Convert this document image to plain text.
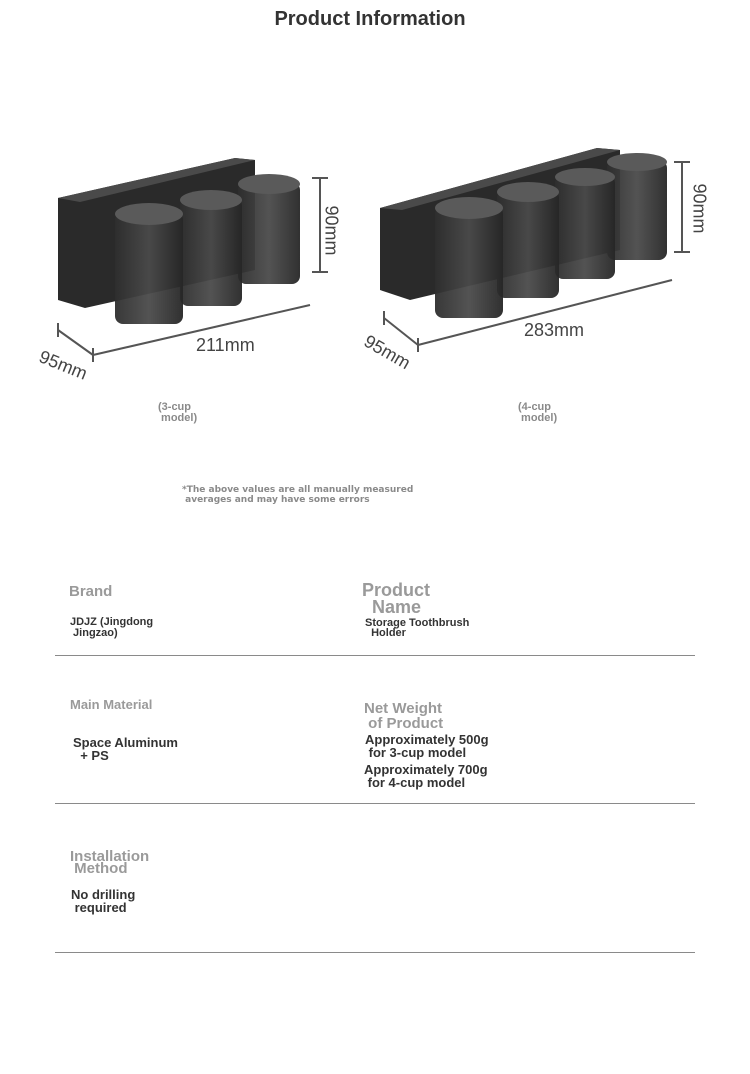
Product Information
211mm
95mm
90mm
(3-cup
model)
283mm
95mm
90mm
(4-cup
model)
*The above values are all manually measured
averages and may have some errors
Brand
JDJZ (Jingdong
Jingzao)
Product
Name
Storage Toothbrush
Holder
Main Material
Space Aluminum
+ PS
Net Weight
of Product
Approximately 500g
for 3-cup model
Approximately 700g
for 4-cup model
Installation
Method
No drilling
required
